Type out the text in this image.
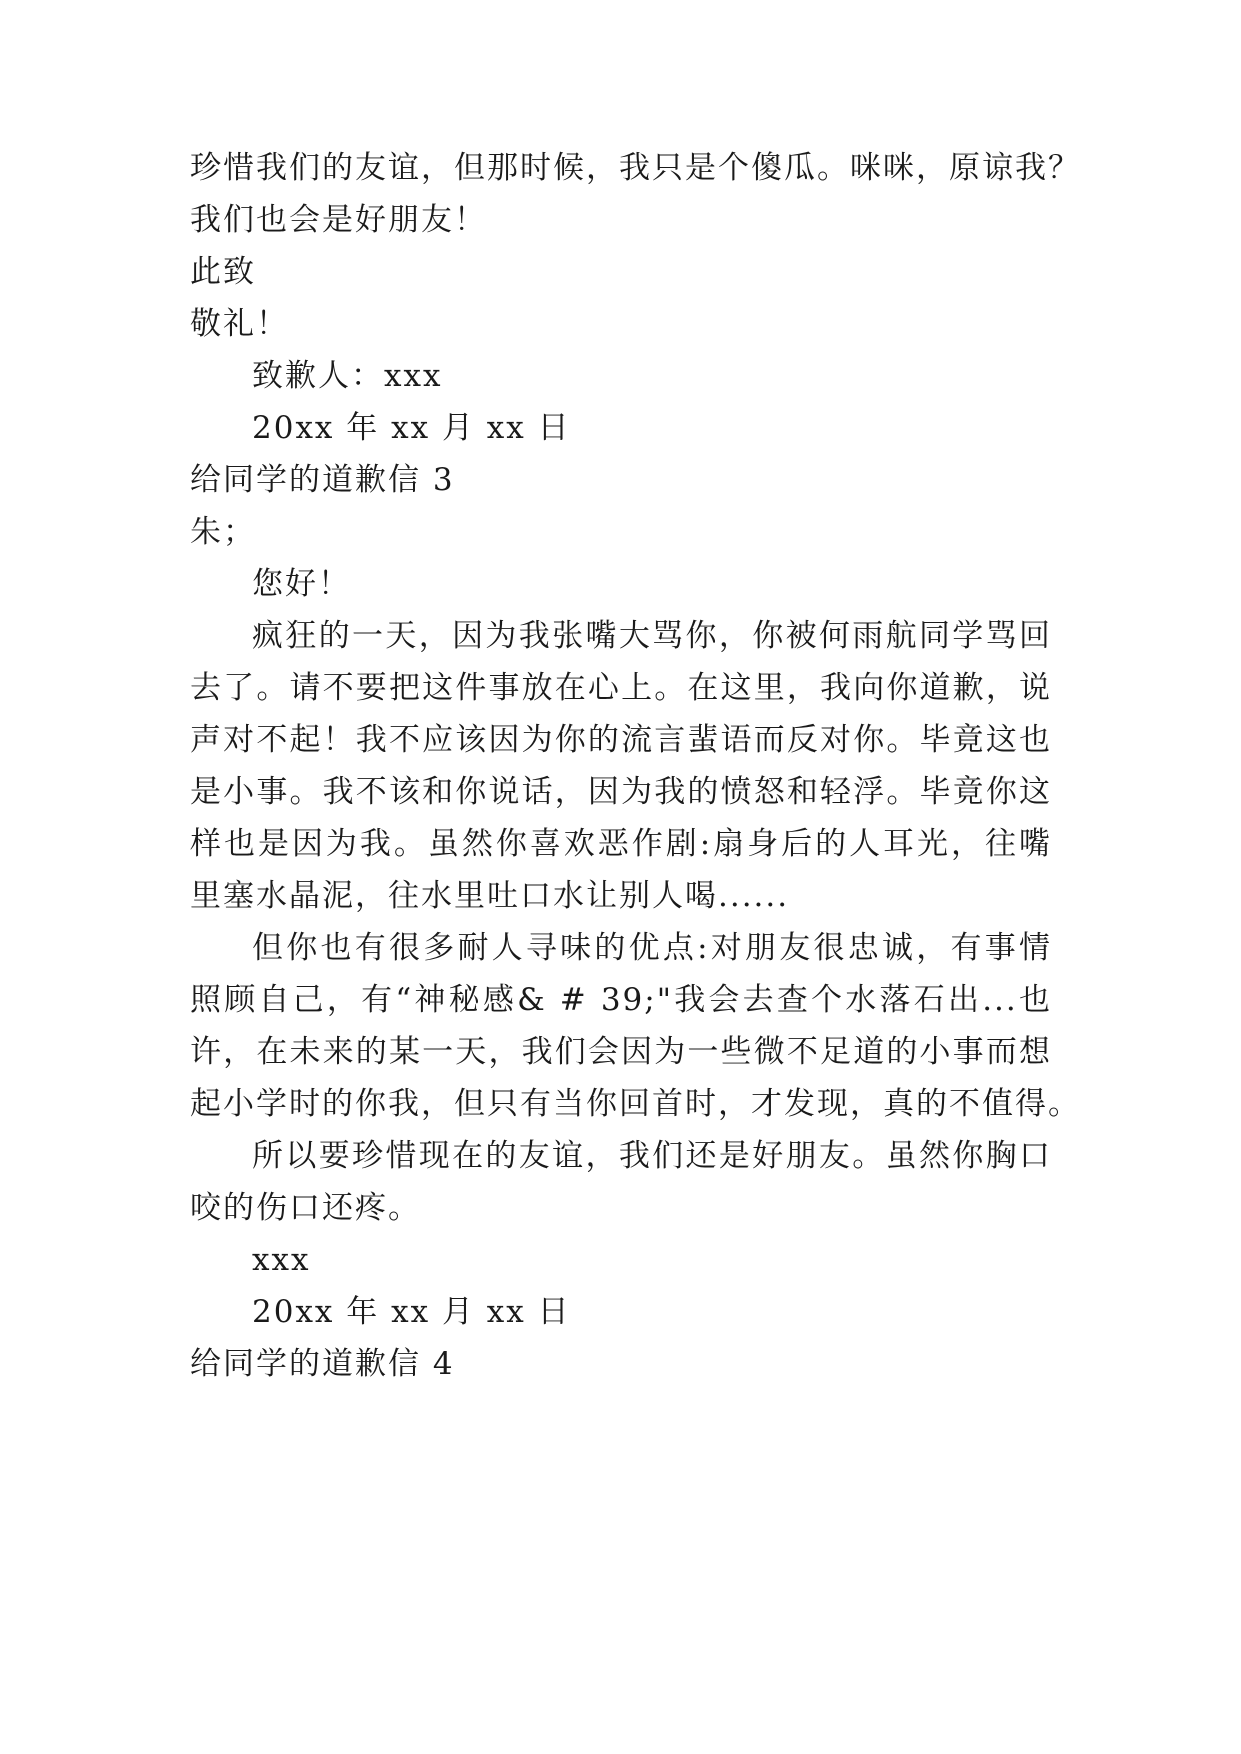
珍惜我们的友谊，但那时候，我只是个傻瓜。咪咪，原谅我？

我们也会是好朋友！

此致

敬礼！

致歉人：xxx

20xx 年 xx 月 xx 日

给同学的道歉信 3

朱；

您好！

疯狂的一天，因为我张嘴大骂你，你被何雨航同学骂回

去了。请不要把这件事放在心上。在这里，我向你道歉，说

声对不起！我不应该因为你的流言蜚语而反对你。毕竟这也

是小事。我不该和你说话，因为我的愤怒和轻浮。毕竟你这

样也是因为我。虽然你喜欢恶作剧:扇身后的人耳光，往嘴

里塞水晶泥，往水里吐口水让别人喝......

但你也有很多耐人寻味的优点:对朋友很忠诚，有事情

照顾自己，有“神秘感& # 39;"我会去查个水落石出...也

许，在未来的某一天，我们会因为一些微不足道的小事而想

起小学时的你我，但只有当你回首时，才发现，真的不值得。

所以要珍惜现在的友谊，我们还是好朋友。虽然你胸口

咬的伤口还疼。

xxx

20xx 年 xx 月 xx 日

给同学的道歉信 4
